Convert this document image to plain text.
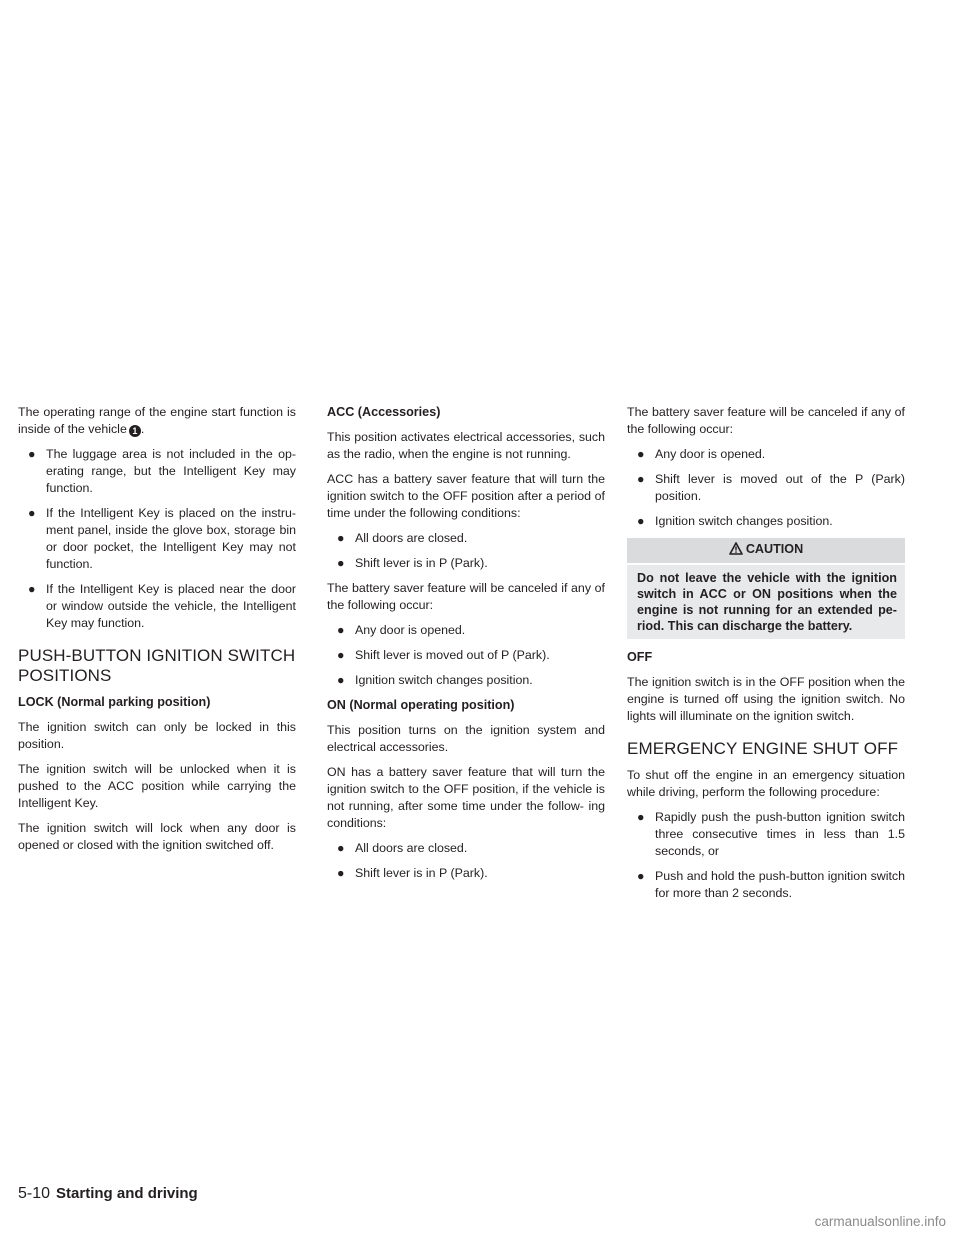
The operating range of the engine start function is inside of the vehicle 1 .

● The luggage area is not included in the op- erating range, but the Intelligent Key may function.
● If the Intelligent Key is placed on the instru- ment panel, inside the glove box, storage bin or door pocket, the Intelligent Key may not function.
● If the Intelligent Key is placed near the door or window outside the vehicle, the Intelligent Key may function.
PUSH-BUTTON IGNITION SWITCH POSITIONS
LOCK (Normal parking position)

The ignition switch can only be locked in this position.

The ignition switch will be unlocked when it is pushed to the ACC position while carrying the Intelligent Key.

The ignition switch will lock when any door is opened or closed with the ignition switched off.

ACC (Accessories)

This position activates electrical accessories, such as the radio, when the engine is not running.

ACC has a battery saver feature that will turn the ignition switch to the OFF position after a period of time under the following conditions:

● All doors are closed.
● Shift lever is in P (Park).

The battery saver feature will be canceled if any of the following occur:

● Any door is opened.
● Shift lever is moved out of P (Park).
● Ignition switch changes position.
ON (Normal operating position)

This position turns on the ignition system and electrical accessories.

ON has a battery saver feature that will turn the ignition switch to the OFF position, if the vehicle is not running, after some time under the follow- ing conditions:

● All doors are closed.
● Shift lever is in P (Park).

The battery saver feature will be canceled if any of the following occur:

● Any door is opened.
● Shift lever is moved out of the P (Park) position.
● Ignition switch changes position.
CAUTION
Do not leave the vehicle with the ignition switch in ACC or ON positions when the engine is not running for an extended pe- riod. This can discharge the battery.
OFF

The ignition switch is in the OFF position when the engine is turned off using the ignition switch. No lights will illuminate on the ignition switch.

EMERGENCY ENGINE SHUT OFF

To shut off the engine in an emergency situation while driving, perform the following procedure:

● Rapidly push the push-button ignition switch three consecutive times in less than 1.5 seconds, or
● Push and hold the push-button ignition switch for more than 2 seconds.
5-10 Starting and driving
carmanualsonline.info
